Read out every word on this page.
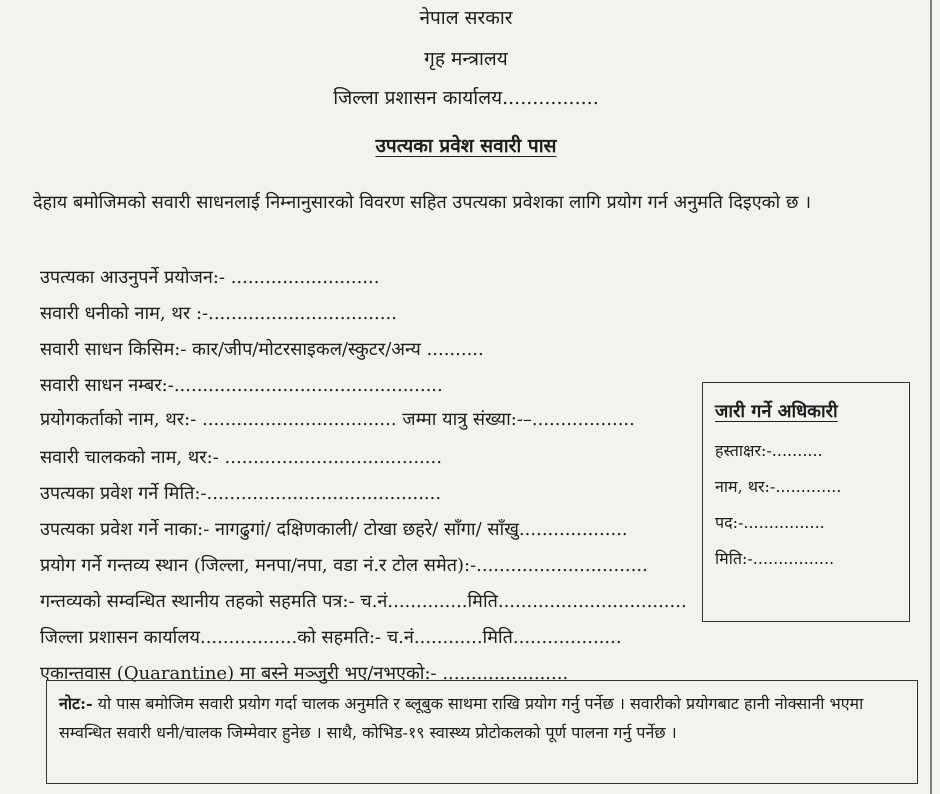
नेपाल सरकार
गृह मन्त्रालय
जिल्ला प्रशासन कार्यालय................
उपत्यका प्रवेश सवारी पास
देहाय बमोजिमको सवारी साधनलाई निम्नानुसारको विवरण सहित उपत्यका प्रवेशका लागि प्रयोग गर्न अनुमति दिइएको छ ।
उपत्यका आउनुपर्ने प्रयोजन:- ..........................
सवारी धनीको नाम, थर :-.................................
सवारी साधन किसिम:- कार/जीप/मोटरसाइकल/स्कुटर/अन्य ..........
सवारी साधन नम्बर:-...............................................
प्रयोगकर्ताको नाम, थर:- .................................. जम्मा यात्रु संख्या:-–..................
सवारी चालकको नाम, थर:- ......................................
उपत्यका प्रवेश गर्ने मिति:-.........................................
उपत्यका प्रवेश गर्ने नाका:- नागढुगां/ दक्षिणकाली/ टोखा छहरे/ साँगा/ साँखु...................
प्रयोग गर्ने गन्तव्य स्थान (जिल्ला, मनपा/नपा, वडा नं.र टोल समेत):-..............................
गन्तव्यको सम्वन्धित स्थानीय तहको सहमति पत्र:- च.नं..............मिति.................................
जिल्ला प्रशासन कार्यालय.................को सहमति:- च.नं............मिति...................
एकान्तवास (Quarantine) मा बस्ने मञ्जुरी भए/नभएको:- ......................
जारी गर्ने अधिकारी
हस्ताक्षर:-..........
नाम, थर:-.............
पद:-................
मिति:-................
नोट:- यो पास बमोजिम सवारी प्रयोग गर्दा चालक अनुमति र ब्लूबुक साथमा राखि प्रयोग गर्नु पर्नेछ । सवारीको प्रयोगबाट हानी नोक्सानी भएमा सम्वन्धित सवारी धनी/चालक जिम्मेवार हुनेछ । साथै, कोभिड-१९ स्वास्थ्य प्रोटोकलको पूर्ण पालना गर्नु पर्नेछ ।
